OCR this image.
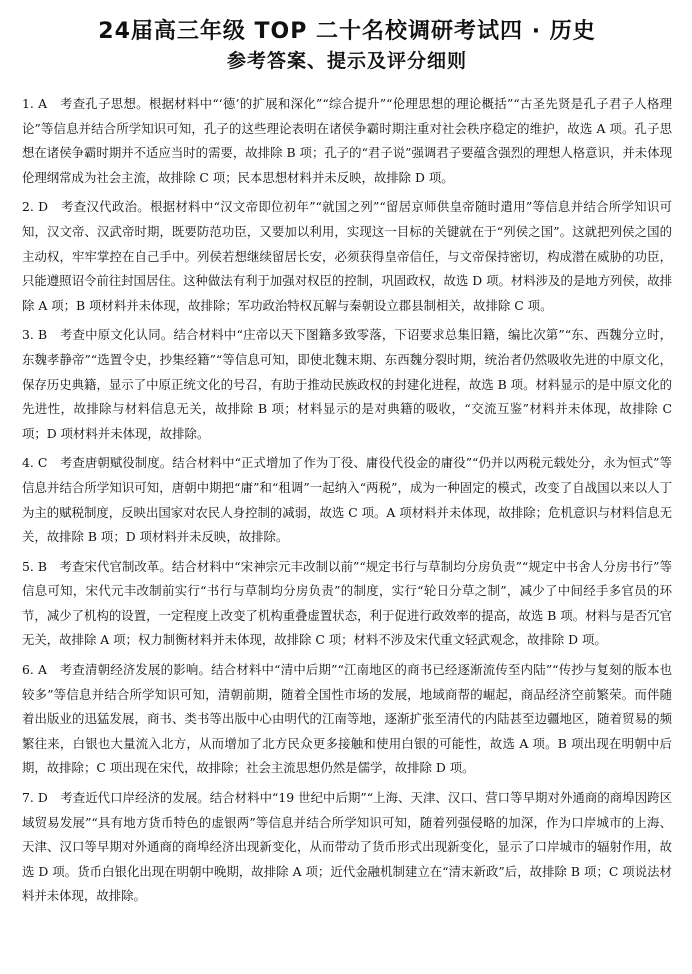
24届高三年级 TOP 二十名校调研考试四 · 历史
参考答案、提示及评分细则

1. A　考查孔子思想。根据材料中“‘德’的扩展和深化”“综合提升”“伦理思想的理论概括”“古圣先贤是孔子君子人格理论”等信息并结合所学知识可知，孔子的这些理论表明在诸侯争霸时期注重对社会秩序稳定的维护，故选 A 项。孔子思想在诸侯争霸时期并不适应当时的需要，故排除 B 项；孔子的“君子说”强调君子要蕴含强烈的理想人格意识，并未体现伦理纲常成为社会主流，故排除 C 项；民本思想材料并未反映，故排除 D 项。

2. D　考查汉代政治。根据材料中“汉文帝即位初年”“就国之列”“留居京师供皇帝随时遣用”等信息并结合所学知识可知，汉文帝、汉武帝时期，既要防范功臣，又要加以利用，实现这一目标的关键就在于“列侯之国”。这就把列侯之国的主动权，牢牢掌控在自己手中。列侯若想继续留居长安，必须获得皇帝信任，与文帝保持密切，构成潜在威胁的功臣，只能遵照诏令前往封国居住。这种做法有利于加强对权臣的控制，巩固政权，故选 D 项。材料涉及的是地方列侯，故排除 A 项；B 项材料并未体现，故排除；军功政治特权瓦解与秦朝设立郡县制相关，故排除 C 项。

3. B　考查中原文化认同。结合材料中“庄帝以天下图籍多致零落，下诏要求总集旧籍，编比次第”“东、西魏分立时，东魏孝静帝”“选置令史，抄集经籍”“等信息可知，即使北魏末期、东西魏分裂时期，统治者仍然吸收先进的中原文化，保存历史典籍，显示了中原正统文化的号召，有助于推动民族政权的封建化进程，故选 B 项。材料显示的是中原文化的先进性，故排除与材料信息无关，故排除 B 项；材料显示的是对典籍的吸收，“交流互鉴”材料并未体现，故排除 C 项；D 项材料并未体现，故排除。

4. C　考查唐朝赋役制度。结合材料中“正式增加了作为丁役、庸役代役金的庸役”“仍并以两税元载处分，永为恒式”等信息并结合所学知识可知，唐朝中期把“庸”和“租调”一起纳入“两税”，成为一种固定的模式，改变了自战国以来以人丁为主的赋税制度，反映出国家对农民人身控制的减弱，故选 C 项。A 项材料并未体现，故排除；危机意识与材料信息无关，故排除 B 项；D 项材料并未反映，故排除。

5. B　考查宋代官制改革。结合材料中“宋神宗元丰改制以前”“规定书行与草制均分房负责”“规定中书舍人分房书行”等信息可知，宋代元丰改制前实行“书行与草制均分房负责”的制度，实行“轮日分草之制”，减少了中间经手多官员的环节，减少了机构的设置，一定程度上改变了机构重叠虚置状态，利于促进行政效率的提高，故选 B 项。材料与是否冗官无关，故排除 A 项；权力制衡材料并未体现，故排除 C 项；材料不涉及宋代重文轻武观念，故排除 D 项。

6. A　考查清朝经济发展的影响。结合材料中“清中后期”“江南地区的商书已经逐渐流传至内陆”“传抄与复刻的版本也较多”等信息并结合所学知识可知，清朝前期，随着全国性市场的发展，地域商帮的崛起，商品经济空前繁荣。而伴随着出版业的迅猛发展，商书、类书等出版中心由明代的江南等地，逐渐扩张至清代的内陆甚至边疆地区，随着贸易的频繁往来，白银也大量流入北方，从而增加了北方民众更多接触和使用白银的可能性，故选 A 项。B 项出现在明朝中后期，故排除；C 项出现在宋代，故排除；社会主流思想仍然是儒学，故排除 D 项。

7. D　考查近代口岸经济的发展。结合材料中“19 世纪中后期”“上海、天津、汉口、营口等早期对外通商的商埠因跨区域贸易发展”“具有地方货币特色的虚银两”等信息并结合所学知识可知，随着列强侵略的加深，作为口岸城市的上海、天津、汉口等早期对外通商的商埠经济出现新变化，从而带动了货币形式出现新变化，显示了口岸城市的辐射作用，故选 D 项。货币白银化出现在明朝中晚期，故排除 A 项；近代金融机制建立在“清末新政”后，故排除 B 项；C 项说法材料并未体现，故排除。
